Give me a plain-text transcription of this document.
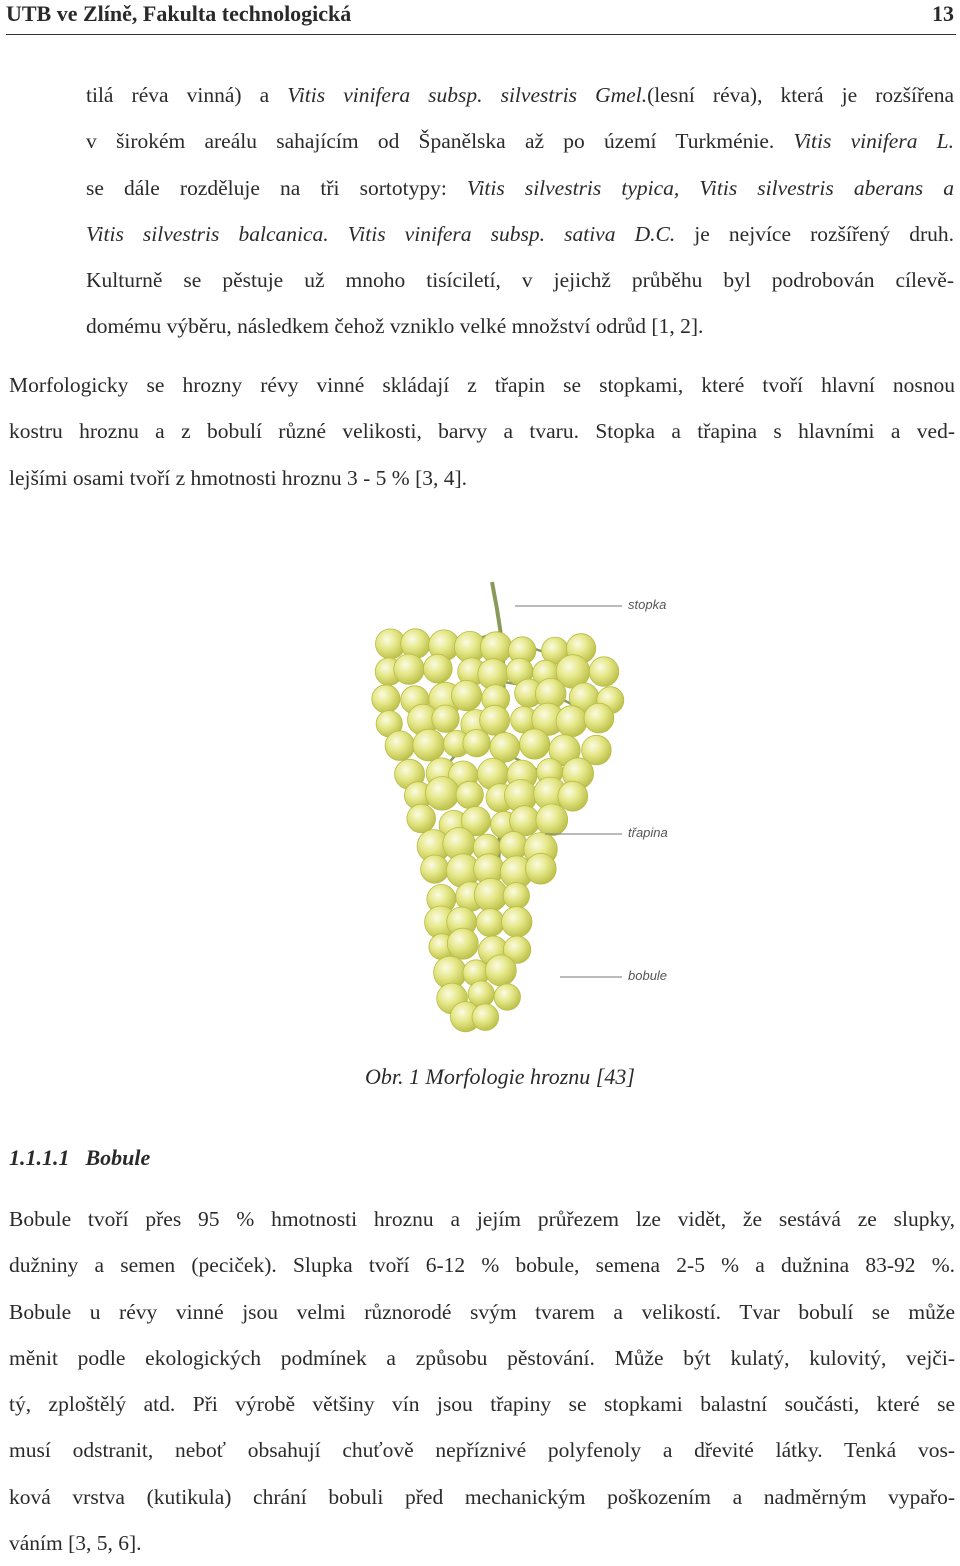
UTB ve Zlíně, Fakulta technologická	13
tilá réva vinná) a Vitis vinifera subsp. silvestris Gmel.(lesní réva), která je rozšířena
v širokém areálu sahajícím od Španělska až po území Turkménie. Vitis vinifera L.
se dále rozděluje na tři sortotypy: Vitis silvestris typica, Vitis silvestris aberans a
Vitis silvestris balcanica. Vitis vinifera subsp. sativa D.C. je nejvíce rozšířený druh.
Kulturně se pěstuje už mnoho tisíciletí, v jejichž průběhu byl podrobován cílevě-
domému výběru, následkem čehož vzniklo velké množství odrůd [1, 2].
Morfologicky se hrozny révy vinné skládají z třapin se stopkami, které tvoří hlavní nosnou
kostru hroznu a z bobulí různé velikosti, barvy a tvaru. Stopka a třapina s hlavními a ved-
lejšími osami tvoří z hmotnosti hroznu 3 - 5 % [3, 4].
stopka
třapina
bobule
Obr. 1 Morfologie hroznu [43]
1.1.1.1 Bobule
Bobule tvoří přes 95 % hmotnosti hroznu a jejím průřezem lze vidět, že sestává ze slupky,
dužniny a semen (peciček). Slupka tvoří 6-12 % bobule, semena 2-5 % a dužnina 83-92 %.
Bobule u révy vinné jsou velmi různorodé svým tvarem a velikostí. Tvar bobulí se může
měnit podle ekologických podmínek a způsobu pěstování. Může být kulatý, kulovitý, vejči-
tý, zploštělý atd. Při výrobě většiny vín jsou třapiny se stopkami balastní součásti, které se
musí odstranit, neboť obsahují chuťově nepříznivé polyfenoly a dřevité látky. Tenká vos-
ková vrstva (kutikula) chrání bobuli před mechanickým poškozením a nadměrným vypařo-
váním [3, 5, 6].
